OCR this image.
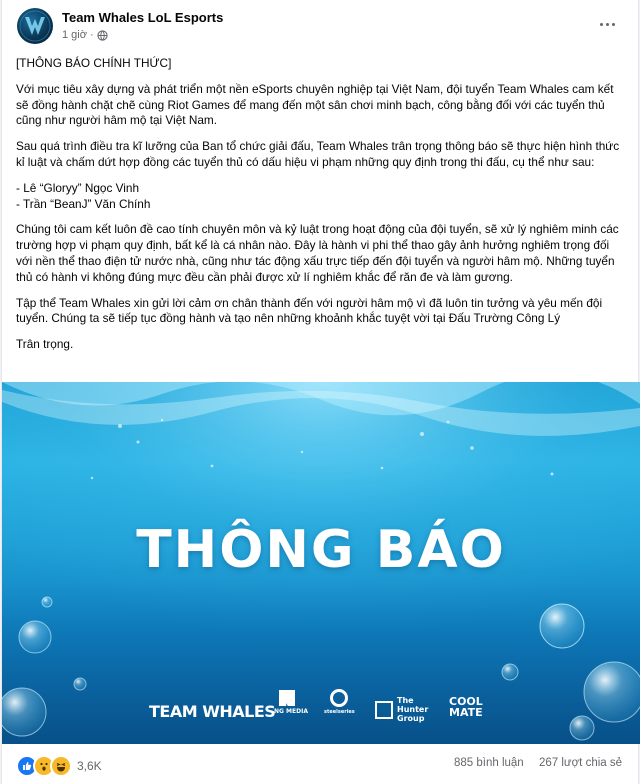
Team Whales LoL Esports
1 giờ ·

[THÔNG BÁO CHÍNH THỨC]

Với mục tiêu xây dựng và phát triển một nền eSports chuyên nghiệp tại Việt Nam, đội tuyển Team Whales cam kết sẽ đồng hành chặt chẽ cùng Riot Games để mang đến một sân chơi minh bạch, công bằng đối với các tuyển thủ cũng như người hâm mộ tại Việt Nam.

Sau quá trình điều tra kĩ lưỡng của Ban tổ chức giải đấu, Team Whales trân trọng thông báo sẽ thực hiện hình thức kỉ luật và chấm dứt hợp đồng các tuyển thủ có dấu hiệu vi phạm những quy định trong thi đấu, cụ thể như sau:

- Lê “Gloryy” Ngọc Vinh

- Trần “BeanJ” Văn Chính

Chúng tôi cam kết luôn đề cao tính chuyên môn và kỷ luật trong hoạt động của đội tuyển, sẽ xử lý nghiêm minh các trường hợp vi phạm quy định, bất kể là cá nhân nào. Đây là hành vi phi thể thao gây ảnh hưởng nghiêm trọng đối với nền thể thao điện tử nước nhà, cũng như tác động xấu trực tiếp đến đội tuyển và người hâm mộ. Những tuyển thủ có hành vi không đúng mực đều cần phải được xử lí nghiêm khắc để răn đe và làm gương.

Tập thể Team Whales xin gửi lời cảm ơn chân thành đến với người hâm mộ vì đã luôn tin tưởng và yêu mến đội tuyển. Chúng ta sẽ tiếp tục đồng hành và tạo nên những khoảnh khắc tuyệt vời tại Đấu Trường Công Lý

Trân trọng.

THÔNG BÁO
TEAM WHALES
NG MEDIA	steelseries
The
Hunter
Group
COOL
MATE
3,6K	885 bình luận 267 lượt chia sẻ
